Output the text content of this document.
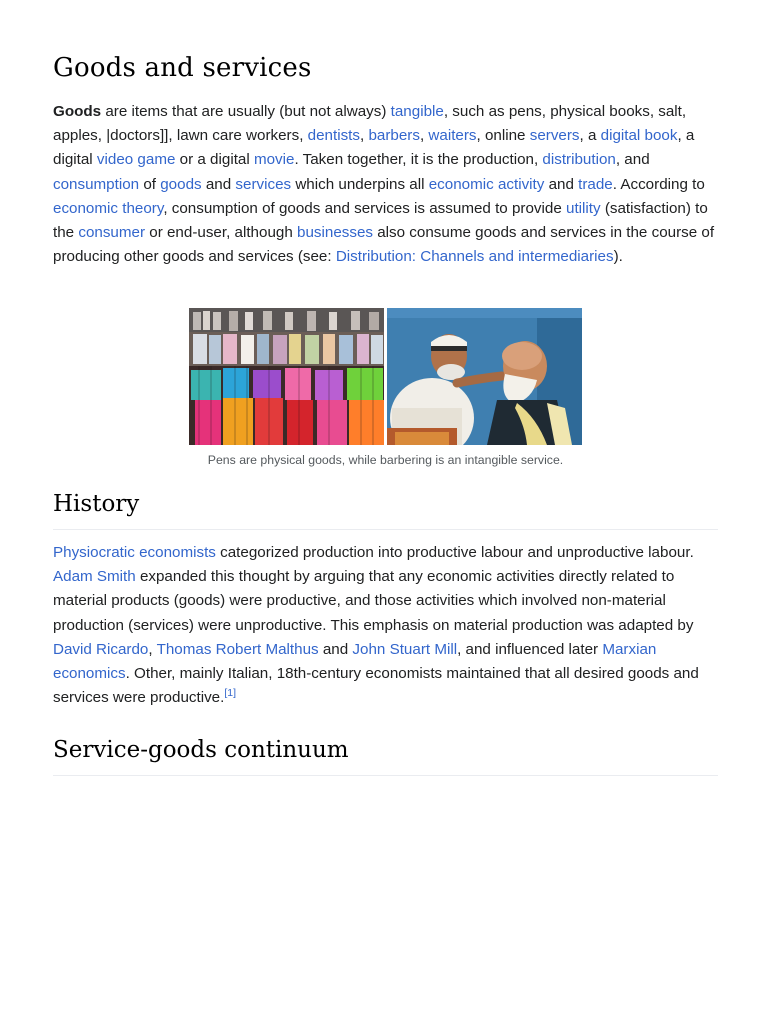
Goods and services

Goods are items that are usually (but not always) tangible, such as pens, physical books, salt, apples, |doctors]], lawn care workers, dentists, barbers, waiters, online servers, a digital book, a digital video game or a digital movie. Taken together, it is the production, distribution, and consumption of goods and services which underpins all economic activity and trade. According to economic theory, consumption of goods and services is assumed to provide utility (satisfaction) to the consumer or end-user, although businesses also consume goods and services in the course of producing other goods and services (see: Distribution: Channels and intermediaries).

Pens are physical goods, while barbering is an intangible service.
History

Physiocratic economists categorized production into productive labour and unproductive labour. Adam Smith expanded this thought by arguing that any economic activities directly related to material products (goods) were productive, and those activities which involved non-material production (services) were unproductive. This emphasis on material production was adapted by David Ricardo, Thomas Robert Malthus and John Stuart Mill, and influenced later Marxian economics. Other, mainly Italian, 18th-century economists maintained that all desired goods and services were productive.[1]

Service-goods continuum
